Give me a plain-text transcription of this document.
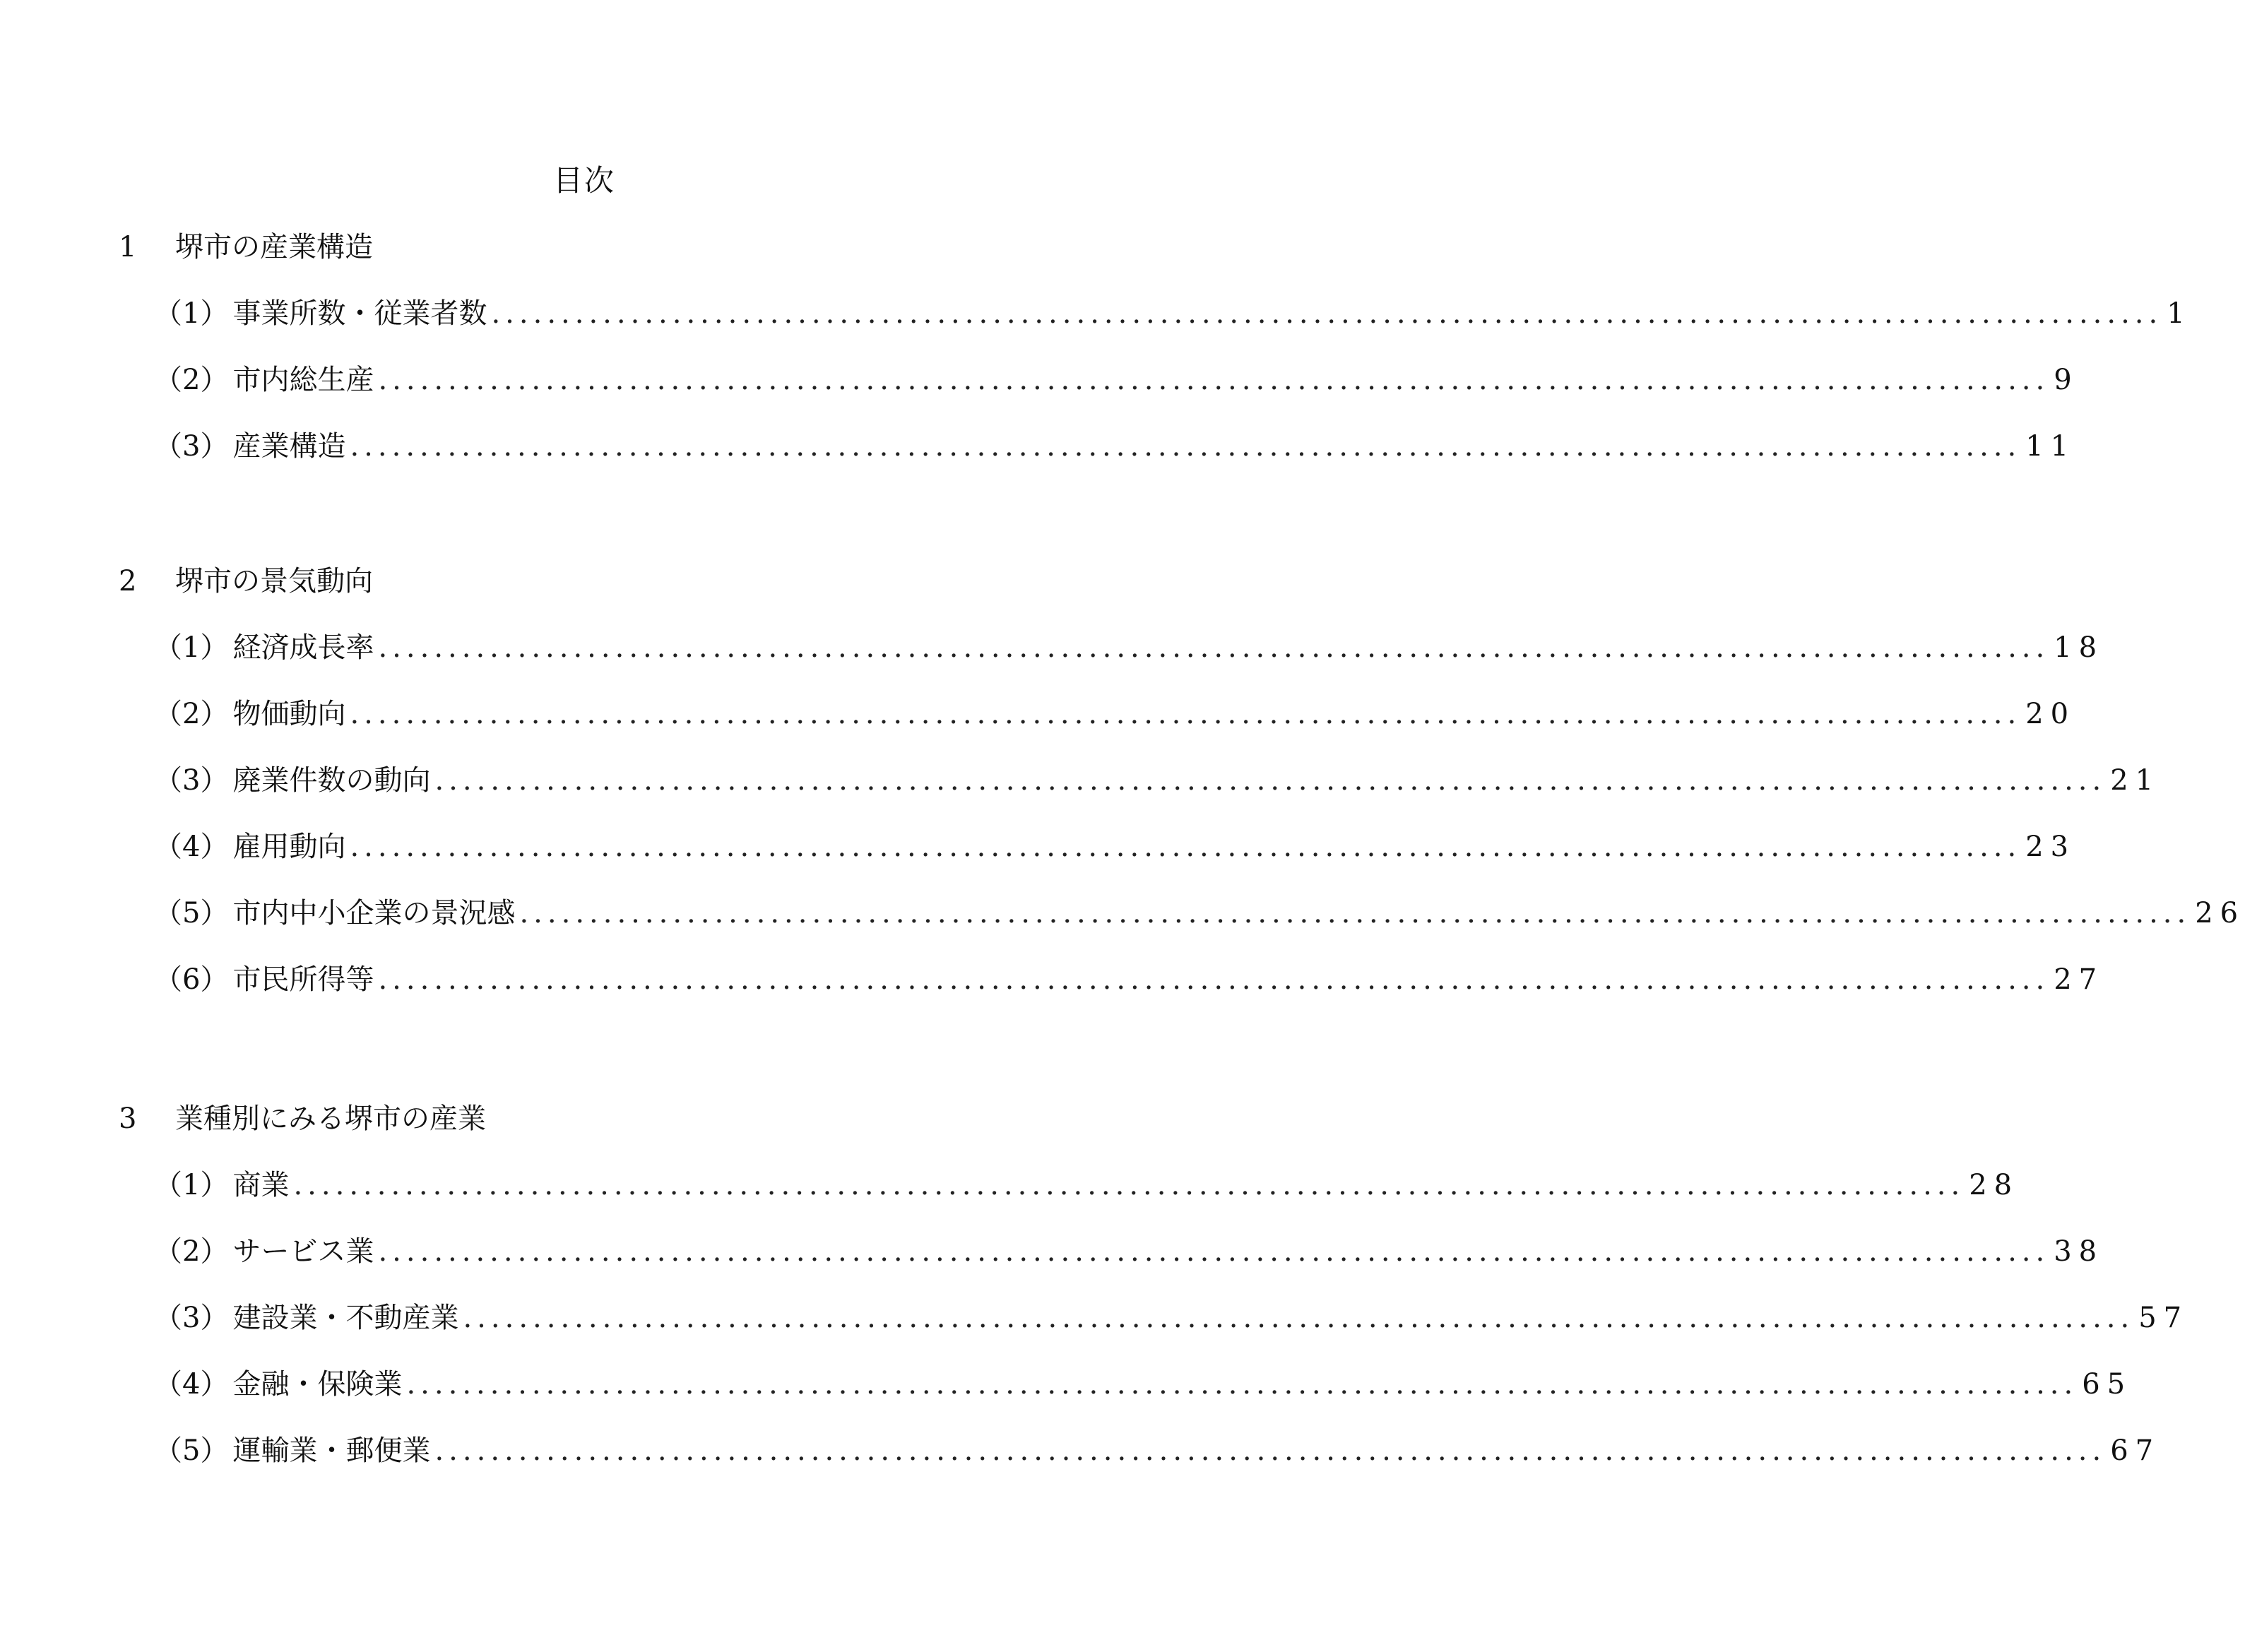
目次
1	堺市の産業構造
（1） 事業所数・従業者数 ........................................................................................................................ 1
（2） 市内総生産 ........................................................................................................................ 9
（3） 産業構造 ........................................................................................................................ 11
2	堺市の景気動向
（1） 経済成長率 ........................................................................................................................ 18
（2） 物価動向 ........................................................................................................................ 20
（3） 廃業件数の動向 ........................................................................................................................ 21
（4） 雇用動向 ........................................................................................................................ 23
（5） 市内中小企業の景況感 ........................................................................................................................ 26
（6） 市民所得等 ........................................................................................................................ 27
3	業種別にみる堺市の産業
（1） 商業 ........................................................................................................................ 28
（2） サービス業 ........................................................................................................................ 38
（3） 建設業・不動産業 ........................................................................................................................ 57
（4） 金融・保険業 ........................................................................................................................ 65
（5） 運輸業・郵便業 ........................................................................................................................ 67
